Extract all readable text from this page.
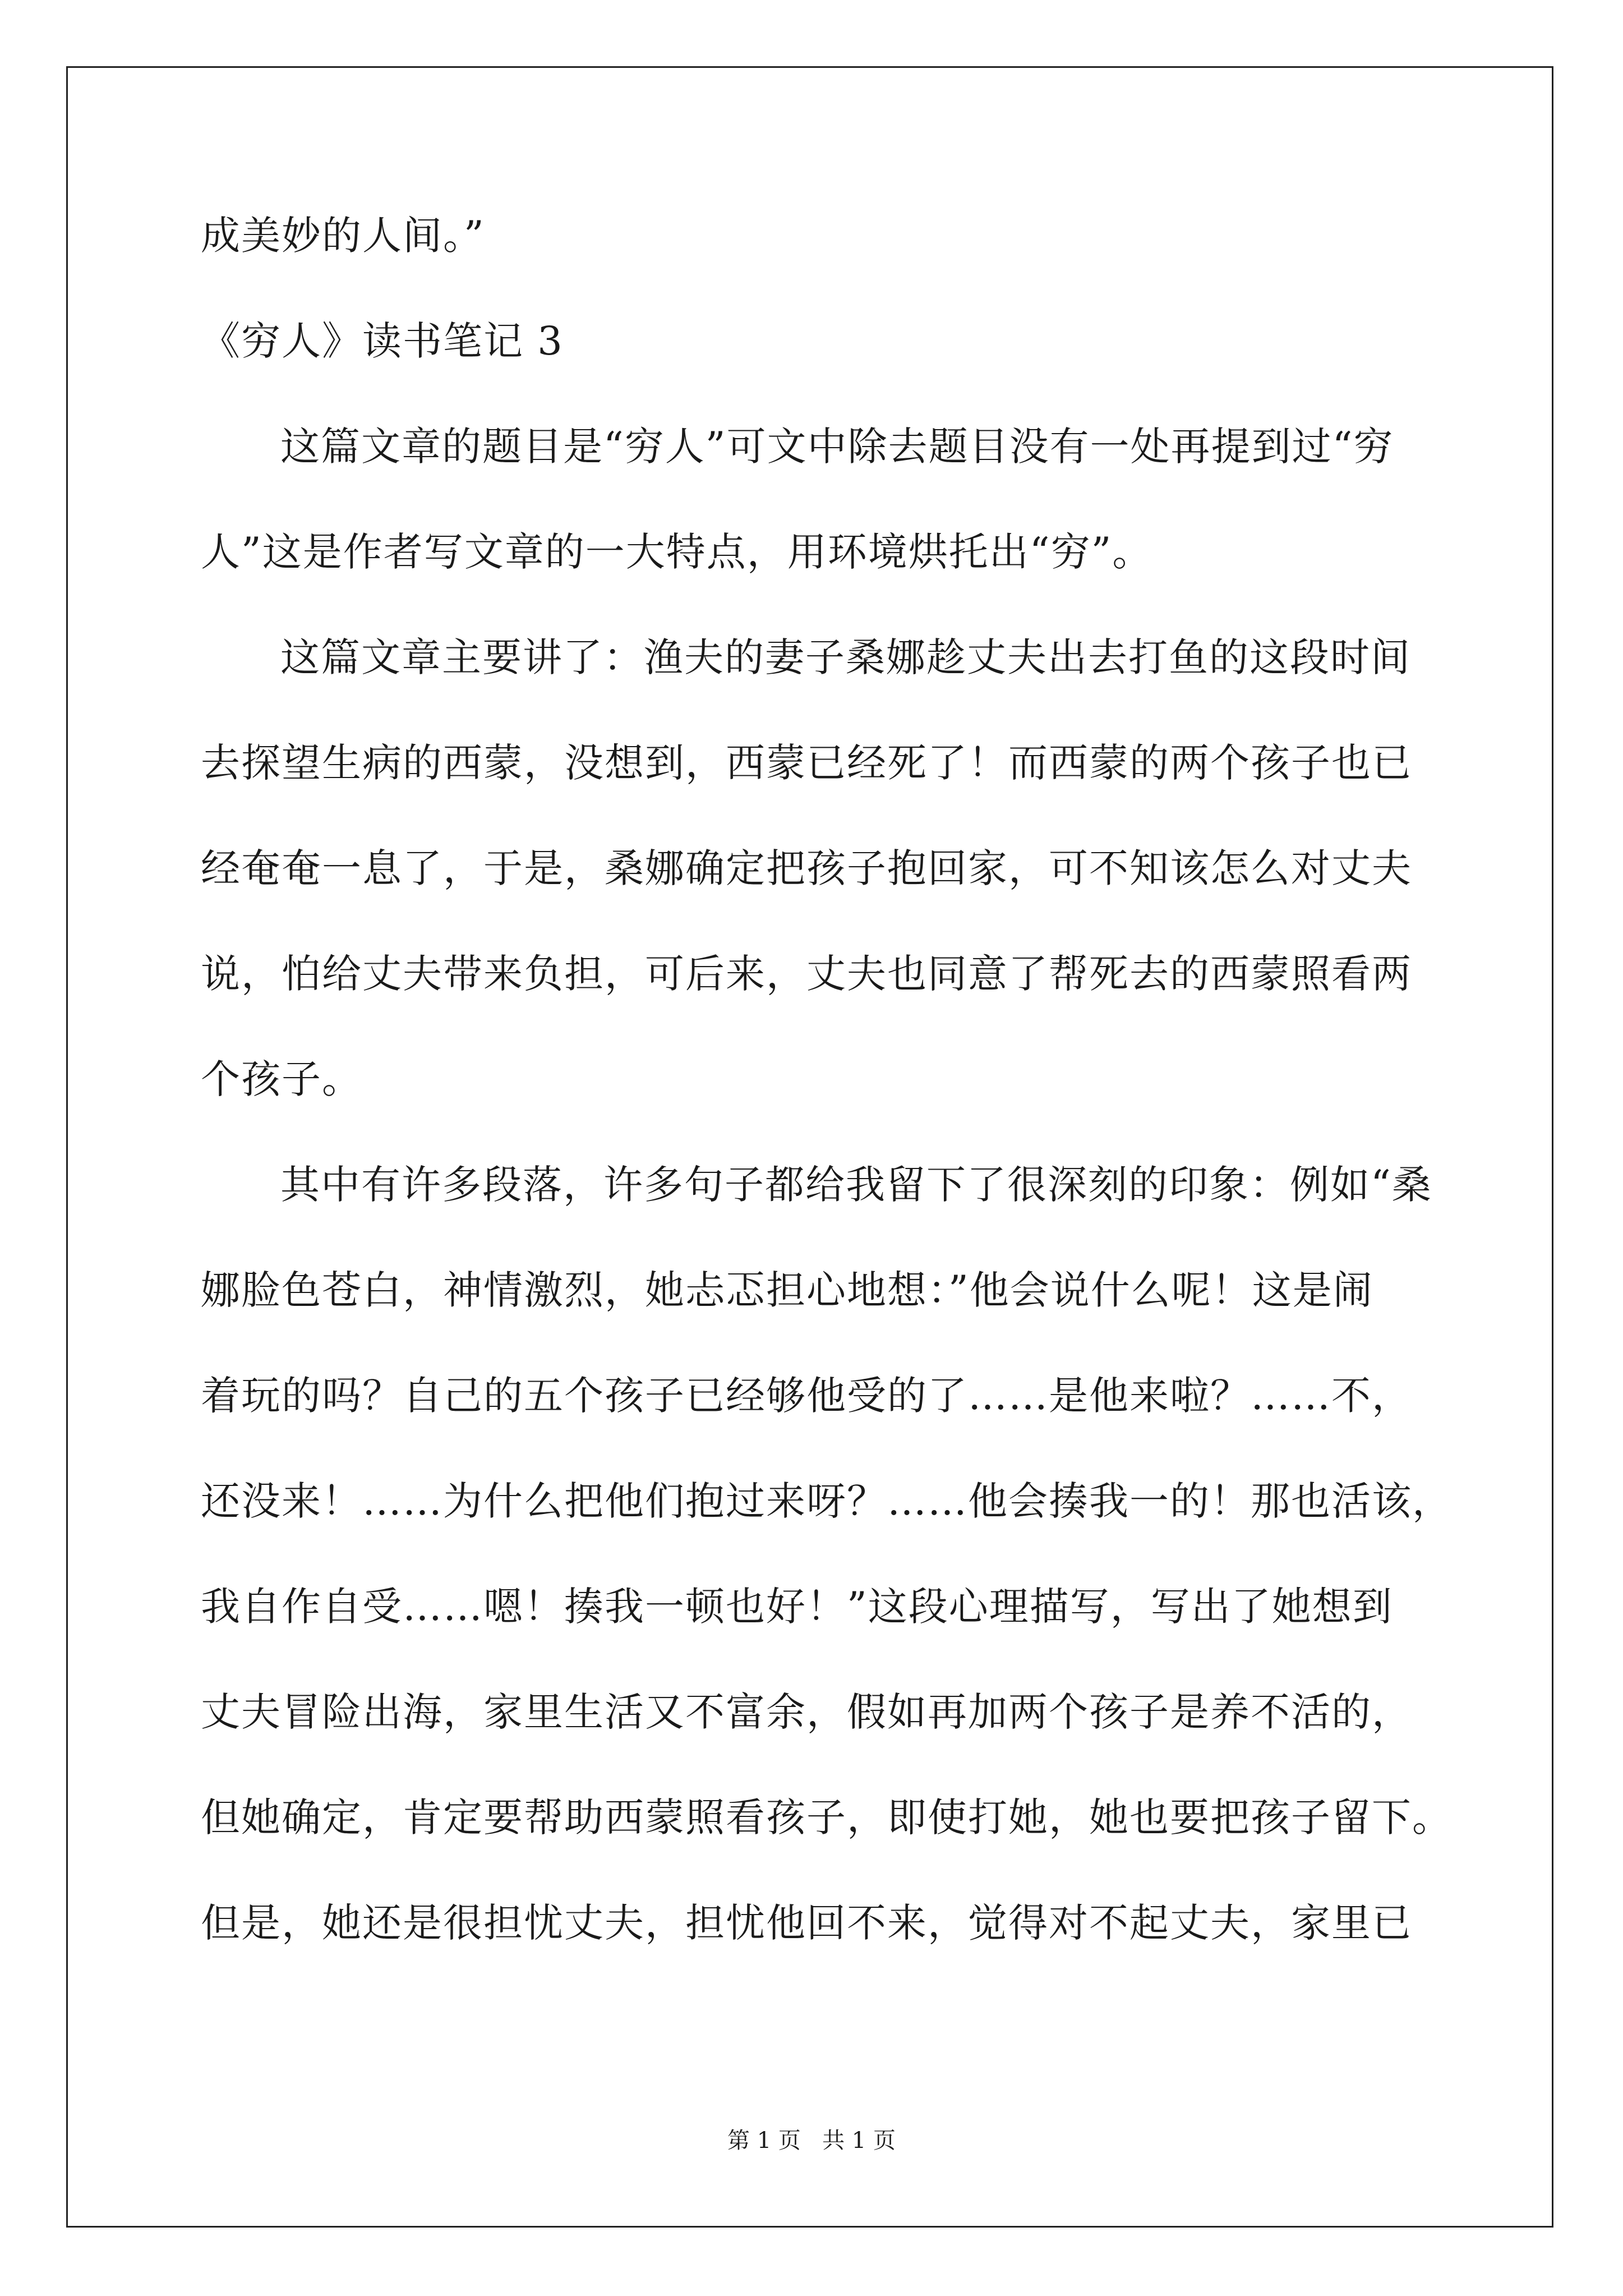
成美妙的人间。”
《穷人》读书笔记 3
这篇文章的题目是“穷人”可文中除去题目没有一处再提到过“穷
人”这是作者写文章的一大特点，用环境烘托出“穷”。
这篇文章主要讲了：渔夫的妻子桑娜趁丈夫出去打鱼的这段时间
去探望生病的西蒙，没想到，西蒙已经死了！而西蒙的两个孩子也已
经奄奄一息了，于是，桑娜确定把孩子抱回家，可不知该怎么对丈夫
说，怕给丈夫带来负担，可后来，丈夫也同意了帮死去的西蒙照看两
个孩子。
其中有许多段落，许多句子都给我留下了很深刻的印象：例如“桑
娜脸色苍白，神情激烈，她忐忑担心地想：”他会说什么呢！这是闹
着玩的吗？自己的五个孩子已经够他受的了……是他来啦？……不，
还没来！……为什么把他们抱过来呀？……他会揍我一的！那也活该，
我自作自受……嗯！揍我一顿也好！”这段心理描写，写出了她想到
丈夫冒险出海，家里生活又不富余，假如再加两个孩子是养不活的，
但她确定，肯定要帮助西蒙照看孩子，即使打她，她也要把孩子留下。
但是，她还是很担忧丈夫，担忧他回不来，觉得对不起丈夫，家里已
第 1 页   共 1 页
